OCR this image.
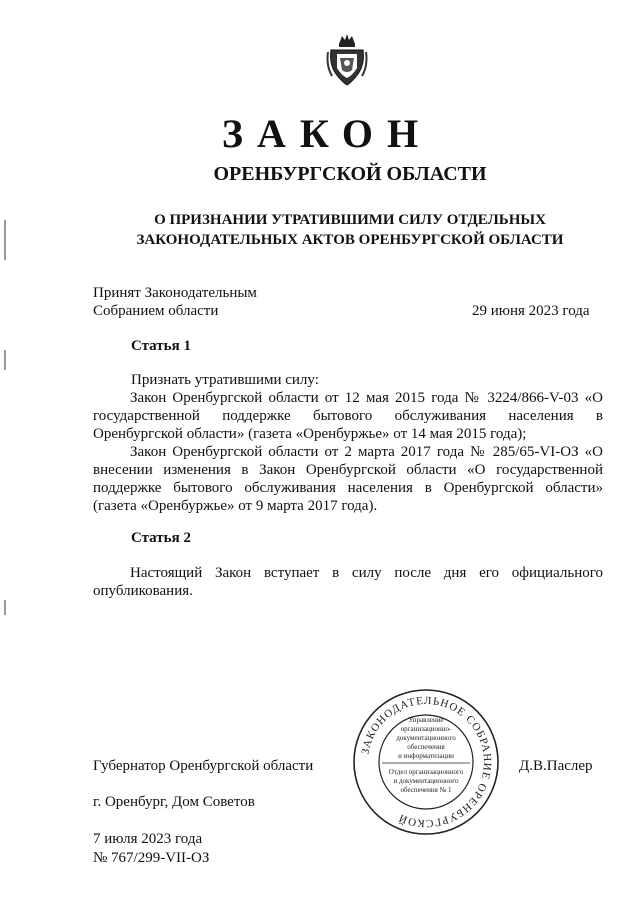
ЗАКОН
ОРЕНБУРГСКОЙ ОБЛАСТИ
О ПРИЗНАНИИ УТРАТИВШИМИ СИЛУ ОТДЕЛЬНЫХ
ЗАКОНОДАТЕЛЬНЫХ АКТОВ ОРЕНБУРГСКОЙ ОБЛАСТИ
Принят Законодательным
Собранием области	29 июня 2023 года
Статья 1
Признать утратившими силу:
Закон Оренбургской области от 12 мая 2015 года № 3224/866-V-03 «О
государственной поддержке бытового обслуживания населения в
Оренбургской области» (газета «Оренбуржье» от 14 мая 2015 года);
Закон Оренбургской области от 2 марта 2017 года № 285/65-VI-ОЗ «О
внесении изменения в Закон Оренбургской области «О государственной
поддержке бытового обслуживания населения в Оренбургской области»
(газета «Оренбуржье» от 9 марта 2017 года).
Статья 2
Настоящий Закон вступает в силу после дня его официального
опубликования.
ЗАКОНОДАТЕЛЬНОЕ СОБРАНИЕ ОРЕНБУРГСКОЙ
Управление
организационно-
документационного
обеспечения
и информатизации
Отдел организационного
и документационного
обеспечения № 1
Губернатор Оренбургской области	Д.В.Паслер
г. Оренбург, Дом Советов
7 июля 2023 года
№ 767/299-VII-ОЗ
